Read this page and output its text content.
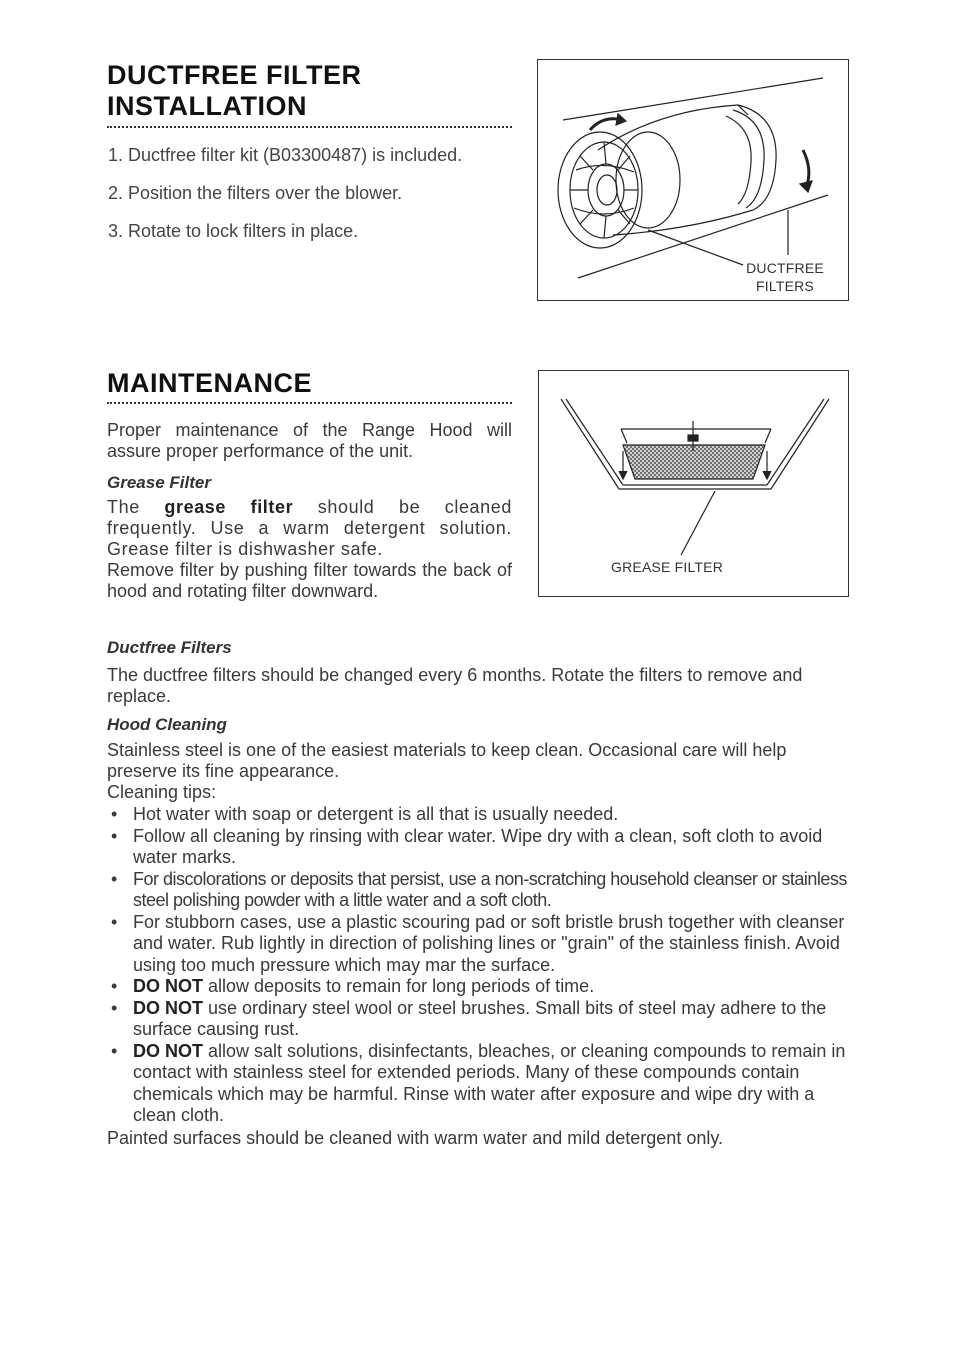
DUCTFREE FILTER
INSTALLATION

1. Ductfree filter kit (B03300487) is included.

2. Position the filters over the blower.

3. Rotate to lock filters in place.

DUCTFREE
FILTERS
MAINTENANCE

Proper maintenance of the Range Hood will assure proper performance of the unit.

Grease Filter

The grease filter should be cleaned frequently. Use a warm detergent solution. Grease filter is dishwasher safe.

Remove filter by pushing filter towards the back of hood and rotating filter downward.

GREASE FILTER

Ductfree Filters

The ductfree filters should be changed every 6 months. Rotate the filters to remove and replace.

Hood Cleaning

Stainless steel is one of the easiest materials to keep clean. Occasional care will help preserve its fine appearance.

Cleaning tips:

• Hot water with soap or detergent is all that is usually needed.
• Follow all cleaning by rinsing with clear water. Wipe dry with a clean, soft cloth to avoid water marks.
• For discolorations or deposits that persist, use a non-scratching household cleanser or stainless steel polishing powder with a little water and a soft cloth.
• For stubborn cases, use a plastic scouring pad or soft bristle brush together with cleanser and water. Rub lightly in direction of polishing lines or "grain" of the stainless finish. Avoid using too much pressure which may mar the surface.
• DO NOT allow deposits to remain for long periods of time.
• DO NOT use ordinary steel wool or steel brushes. Small bits of steel may adhere to the surface causing rust.
• DO NOT allow salt solutions, disinfectants, bleaches, or cleaning compounds to remain in contact with stainless steel for extended periods. Many of these compounds contain chemicals which may be harmful. Rinse with water after exposure and wipe dry with a clean cloth.

Painted surfaces should be cleaned with warm water and mild detergent only.
